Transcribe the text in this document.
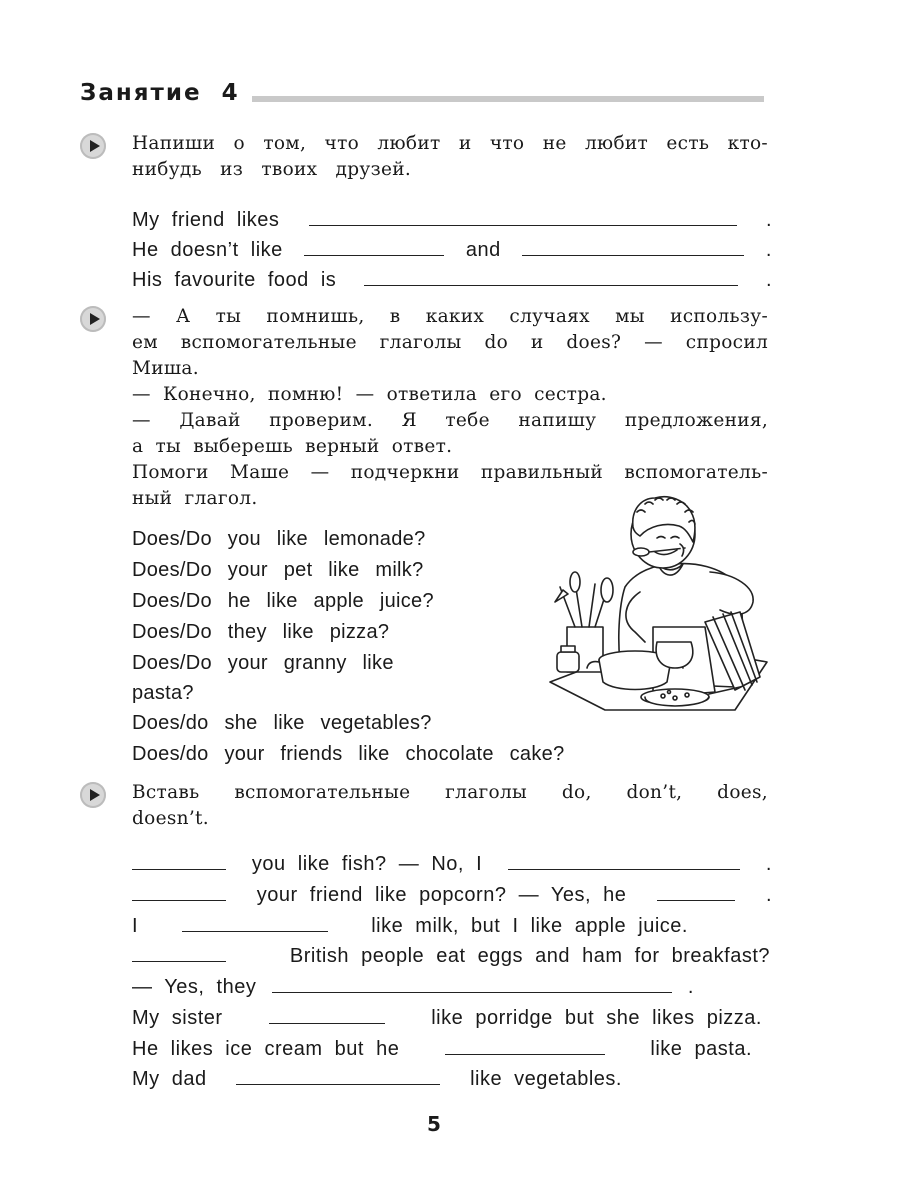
Занятие  4
Напиши о том, что любит и что не любит есть кто-
нибудь из твоих друзей.
My  friend  likes	.
He  doesn’t  like	and	.
His  favourite  food  is	.
— А ты помнишь, в каких случаях мы использу-
ем вспомогательные глаголы do и does? — спросил
Миша.
— Конечно, помню! — ответила его сестра.
— Давай проверим. Я тебе напишу предложения,
а ты выберешь верный ответ.
Помоги Маше — подчеркни правильный вспомогатель-
ный глагол.
Does/Do you like lemonade?
Does/Do your pet like milk?
Does/Do he like apple juice?
Does/Do they like pizza?
Does/Do your granny like
pasta?
Does/do she like vegetables?
Does/do your friends like chocolate cake?
Вставь вспомогательные глаголы do, don’t, does,
doesn’t.
you  like  fish?  —  No,  I	.
your  friend  like  popcorn?  —  Yes,  he	.
I	like  milk,  but  I  like  apple  juice.
British  people  eat  eggs  and  ham  for  breakfast?
—  Yes,  they	.
My  sister	like  porridge  but  she  likes  pizza.
He  likes  ice  cream  but  he	like  pasta.
My  dad	like  vegetables.
5
